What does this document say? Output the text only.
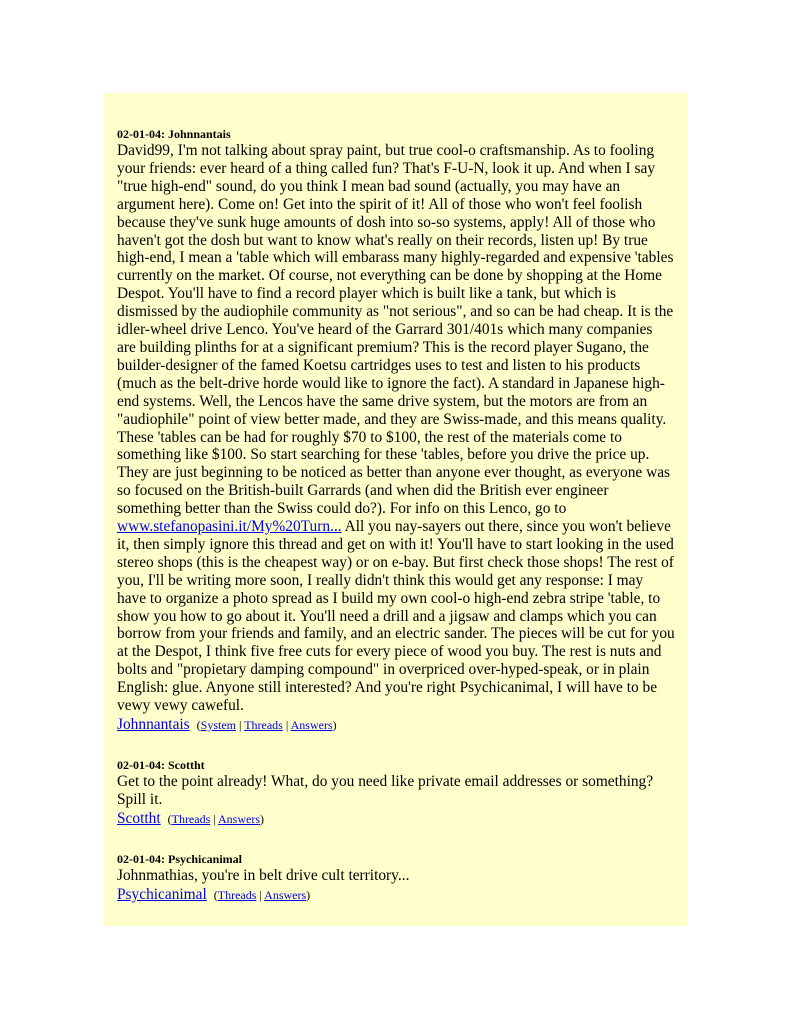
02-01-04: Johnnantais

David99, I'm not talking about spray paint, but true cool-o craftsmanship. As to fooling your friends: ever heard of a thing called fun? That's F-U-N, look it up. And when I say "true high-end" sound, do you think I mean bad sound (actually, you may have an argument here). Come on! Get into the spirit of it! All of those who won't feel foolish because they've sunk huge amounts of dosh into so-so systems, apply! All of those who haven't got the dosh but want to know what's really on their records, listen up! By true high-end, I mean a 'table which will embarass many highly-regarded and expensive 'tables currently on the market. Of course, not everything can be done by shopping at the Home Despot. You'll have to find a record player which is built like a tank, but which is dismissed by the audiophile community as "not serious", and so can be had cheap. It is the idler-wheel drive Lenco. You've heard of the Garrard 301/401s which many companies are building plinths for at a significant premium? This is the record player Sugano, the builder-designer of the famed Koetsu cartridges uses to test and listen to his products (much as the belt-drive horde would like to ignore the fact). A standard in Japanese high-end systems. Well, the Lencos have the same drive system, but the motors are from an "audiophile" point of view better made, and they are Swiss-made, and this means quality. These 'tables can be had for roughly $70 to $100, the rest of the materials come to something like $100. So start searching for these 'tables, before you drive the price up. They are just beginning to be noticed as better than anyone ever thought, as everyone was so focused on the British-built Garrards (and when did the British ever engineer something better than the Swiss could do?). For info on this Lenco, go to www.stefanopasini.it/My%20Turn... All you nay-sayers out there, since you won't believe it, then simply ignore this thread and get on with it! You'll have to start looking in the used stereo shops (this is the cheapest way) or on e-bay. But first check those shops! The rest of you, I'll be writing more soon, I really didn't think this would get any response: I may have to organize a photo spread as I build my own cool-o high-end zebra stripe 'table, to show you how to go about it. You'll need a drill and a jigsaw and clamps which you can borrow from your friends and family, and an electric sander. The pieces will be cut for you at the Despot, I think five free cuts for every piece of wood you buy. The rest is nuts and bolts and "propietary damping compound" in overpriced over-hyped-speak, or in plain English: glue. Anyone still interested? And you're right Psychicanimal, I will have to be vewy vewy caweful.

Johnnantais (System | Threads | Answers)
02-01-04: Scottht

Get to the point already! What, do you need like private email addresses or something? Spill it.

Scottht (Threads | Answers)
02-01-04: Psychicanimal

Johnmathias, you're in belt drive cult territory...

Psychicanimal (Threads | Answers)
